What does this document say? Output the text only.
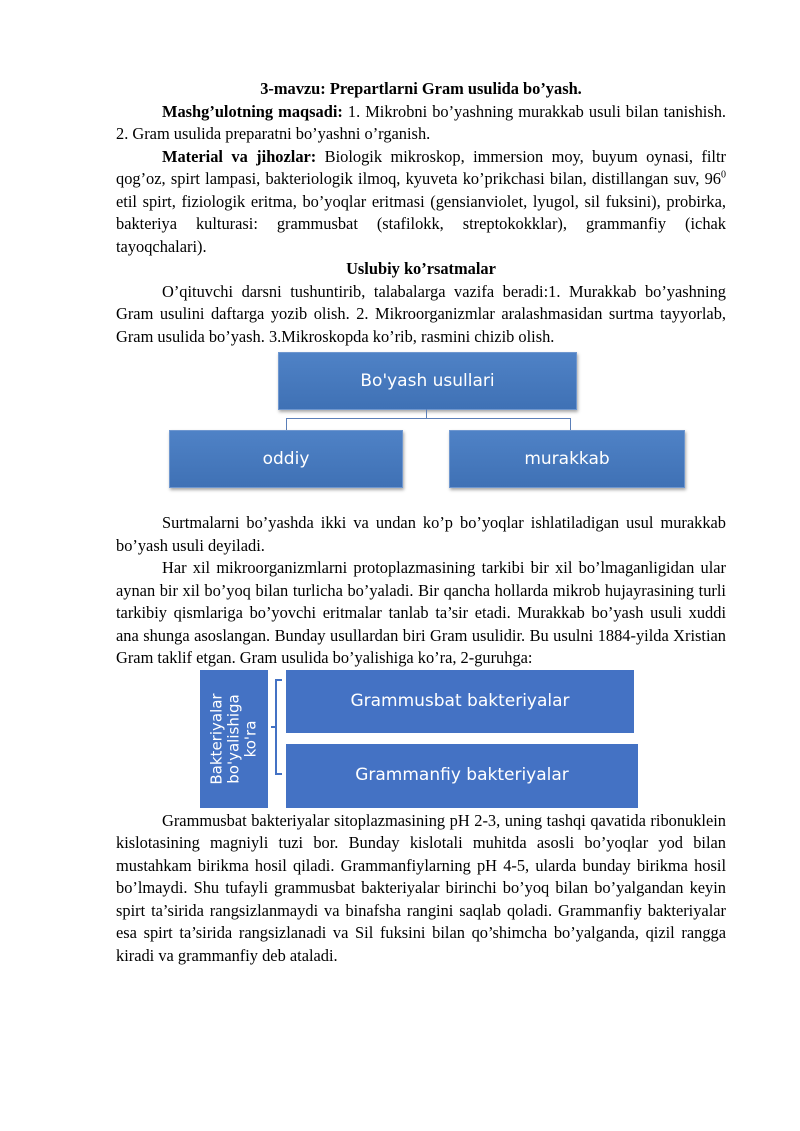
3-mavzu: Prepartlarni Gram usulida bo’yash.

Mashg’ulotning maqsadi: 1. Mikrobni bo’yashning murakkab usuli bilan tanishish. 2. Gram usulida preparatni bo’yashni o’rganish.

Material va jihozlar: Biologik mikroskop, immersion moy, buyum oynasi, filtr qog’oz, spirt lampasi, bakteriologik ilmoq, kyuveta ko’prikchasi bilan, distillangan suv, $96^0$ etil spirt, fiziologik eritma, bo’yoqlar eritmasi (gensianviolet, lyugol, sil fuksini), probirka, bakteriya kulturasi: grammusbat (stafilokk, streptokokklar), grammanfiy (ichak tayoqchalari).

Uslubiy ko’rsatmalar

O’qituvchi darsni tushuntirib, talabalarga vazifa beradi:1. Murakkab bo’yashning Gram usulini daftarga yozib olish. 2. Mikroorganizmlar aralashmasidan surtma tayyorlab, Gram usulida bo’yash. 3.Mikroskopda ko’rib, rasmini chizib olish.

Bo'yash usullari
oddiy	murakkab

Surtmalarni bo’yashda ikki va undan ko’p bo’yoqlar ishlatiladigan usul murakkab bo’yash usuli deyiladi.

Har xil mikroorganizmlarni protoplazmasining tarkibi bir xil bo’lmaganligidan ular aynan bir xil bo’yoq bilan turlicha bo’yaladi. Bir qancha hollarda mikrob hujayrasining turli tarkibiy qismlariga bo’yovchi eritmalar tanlab ta’sir etadi. Murakkab bo’yash usuli xuddi ana shunga asoslangan. Bunday usullardan biri Gram usulidir. Bu usulni 1884-yilda Xristian Gram taklif etgan. Gram usulida bo’yalishiga ko’ra, 2-guruhga:

Bakteriyalar bo'yalishiga ko'ra
Grammusbat bakteriyalar
Grammanfiy bakteriyalar

Grammusbat bakteriyalar sitoplazmasining pH 2-3, uning tashqi qavatida ribonuklein kislotasining magniyli tuzi bor. Bunday kislotali muhitda asosli bo’yoqlar yod bilan mustahkam birikma hosil qiladi. Grammanfiylarning pH 4-5, ularda bunday birikma hosil bo’lmaydi. Shu tufayli grammusbat bakteriyalar birinchi bo’yoq bilan bo’yalgandan keyin spirt ta’sirida rangsizlanmaydi va binafsha rangini saqlab qoladi. Grammanfiy bakteriyalar esa spirt ta’sirida rangsizlanadi va Sil fuksini bilan qo’shimcha bo’yalganda, qizil rangga kiradi va grammanfiy deb ataladi.
